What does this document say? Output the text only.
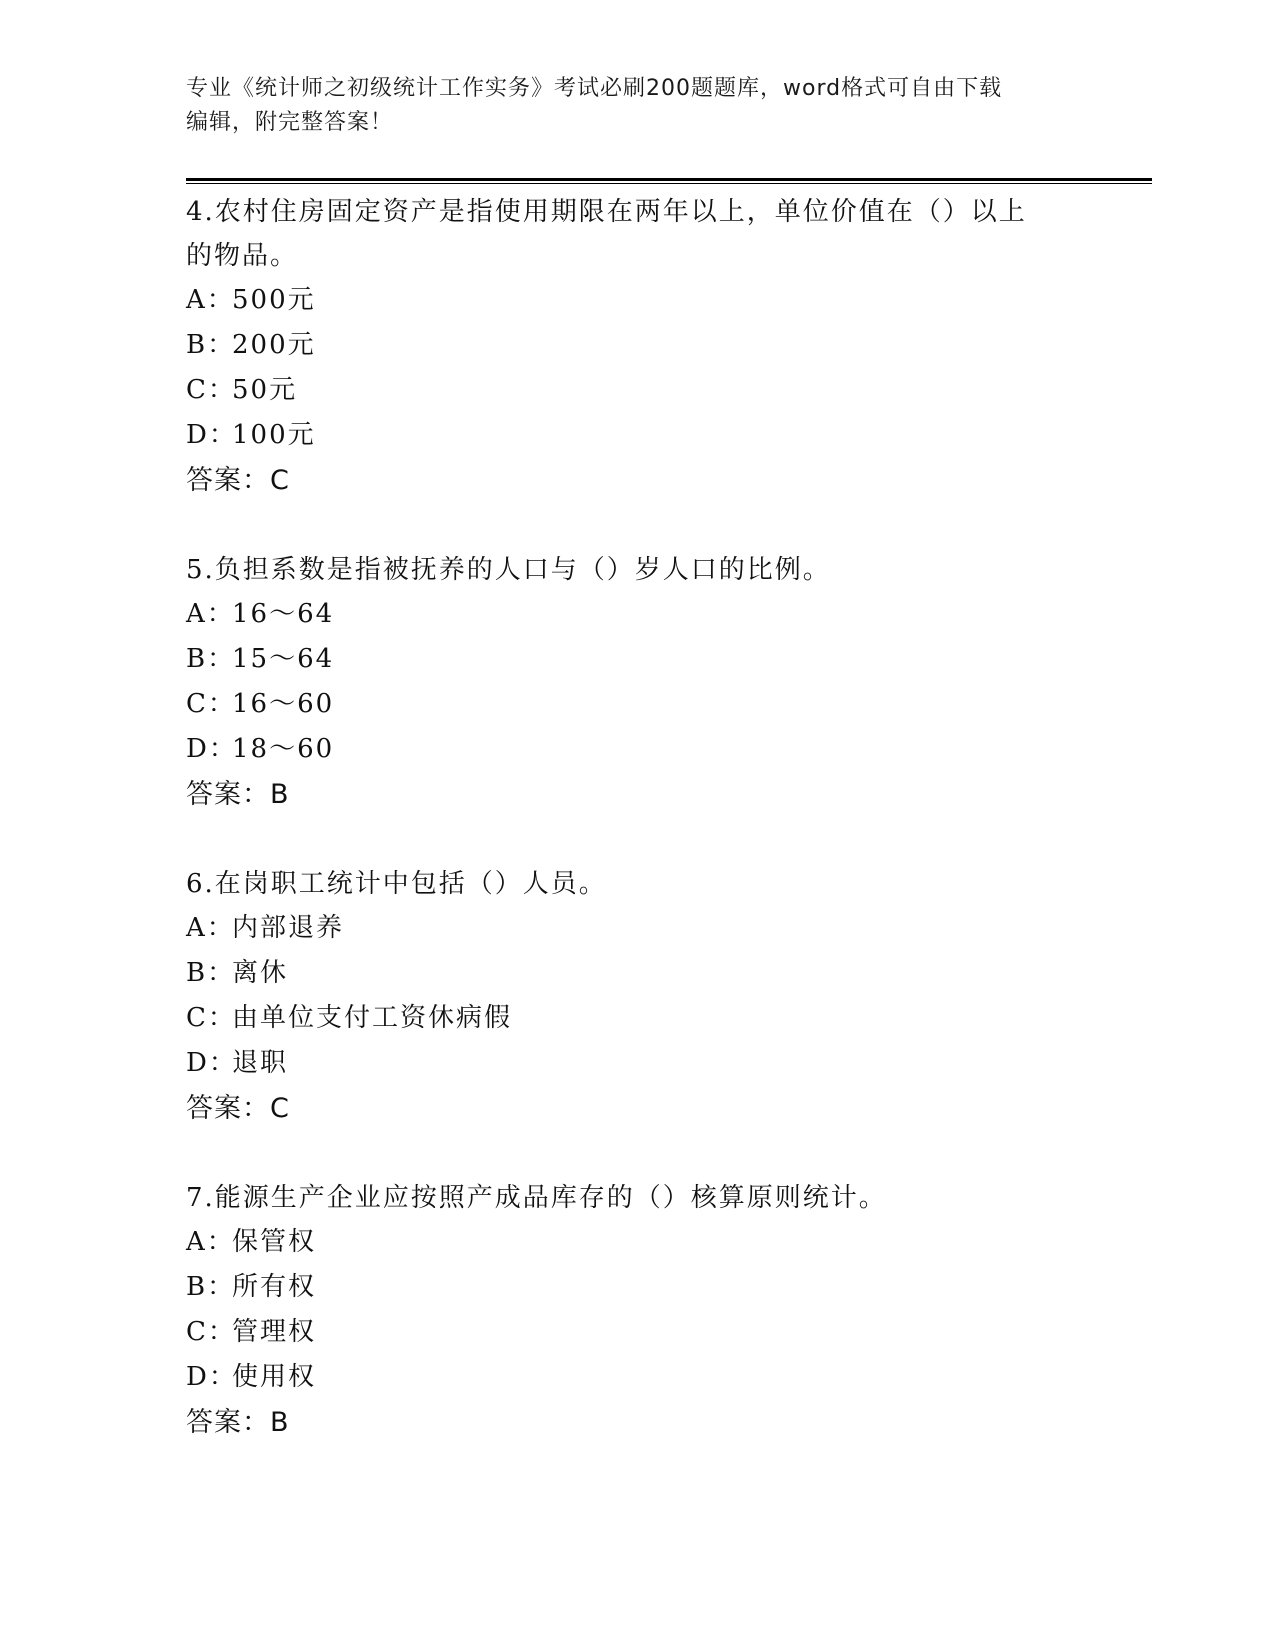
专业《统计师之初级统计工作实务》考试必刷200题题库，word格式可自由下载
编辑，附完整答案！
4.农村住房固定资产是指使用期限在两年以上，单位价值在（）以上
的物品。
A：
500元
B：
200元
C：
50元
D：
100元
答案：C
5.负担系数是指被抚养的人口与（）岁人口的比例。
A：
16～64
B：
15～64
C：
16～60
D：
18～60
答案：B
6.在岗职工统计中包括（）人员。
A：
内部退养
B：
离休
C：
由单位支付工资休病假
D：
退职
答案：C
7.能源生产企业应按照产成品库存的（）核算原则统计。
A：
保管权
B：
所有权
C：
管理权
D：
使用权
答案：B
